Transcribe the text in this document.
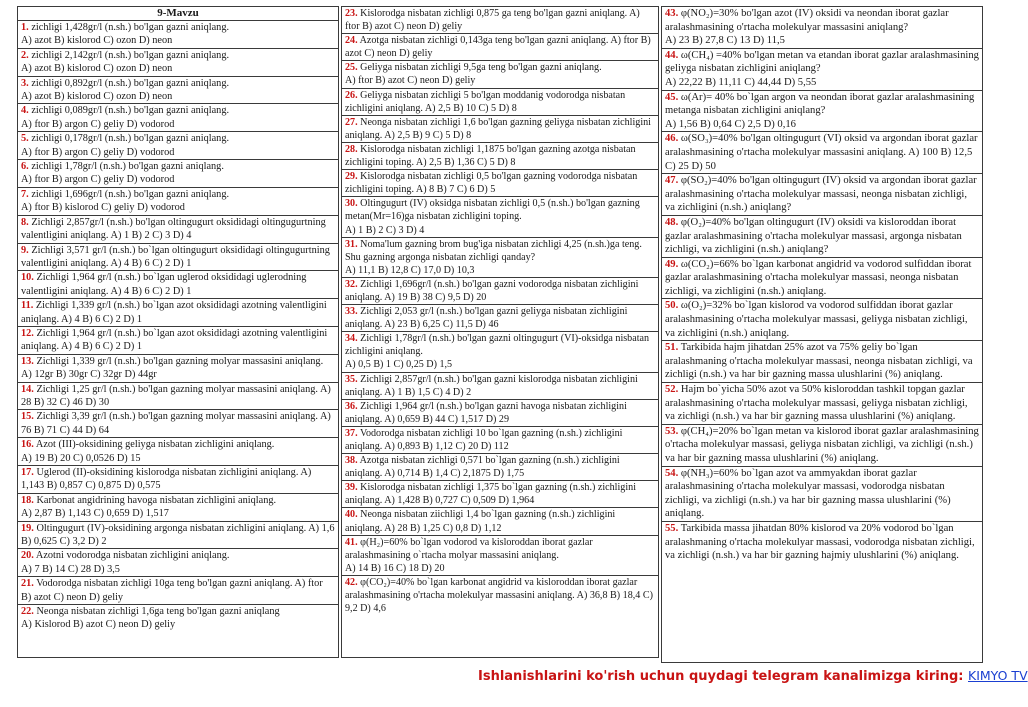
9-Mavzu
1. zichligi 1,428gr/l (n.sh.) bo'lgan gazni aniqlang.
A) azot B) kislorod C) ozon D) neon
2. zichligi 2,142gr/l (n.sh.) bo'lgan gazni aniqlang.
A) azot B) kislorod C) ozon D) neon
3. zichligi 0,892gr/l (n.sh.) bo'lgan gazni aniqlang.
A) azot B) kislorod C) ozon D) neon
4. zichligi 0,089gr/l (n.sh.) bo'lgan gazni aniqlang.
A) ftor B) argon C) geliy D) vodorod
5. zichligi 0,178gr/l (n.sh.) bo'lgan gazni aniqlang.
A) ftor B) argon C) geliy D) vodorod
6. zichligi 1,78gr/l (n.sh.) bo'lgan gazni aniqlang.
A) ftor B) argon C) geliy D) vodorod
7. zichligi 1,696gr/l (n.sh.) bo'lgan gazni aniqlang.
A) ftor B) kislorod C) geliy D) vodorod
8. Zichligi 2,857gr/l (n.sh.) bo'lgan oltingugurt oksididagi oltingugurtning valentligini aniqlang. A) 1 B) 2 C) 3 D) 4
9. Zichligi 3,571 gr/l (n.sh.) bo`lgan oltingugurt oksididagi oltingugurtning valentligini aniqlang. A) 4 B) 6 C) 2 D) 1
10. Zichligi 1,964 gr/l (n.sh.) bo`lgan uglerod oksididagi uglerodning valentligini aniqlang. A) 4 B) 6 C) 2 D) 1
11. Zichligi 1,339 gr/l (n.sh.) bo`lgan azot oksididagi azotning valentligini aniqlang. A) 4 B) 6 C) 2 D) 1
12. Zichligi 1,964 gr/l (n.sh.) bo`lgan azot oksididagi azotning valentligini aniqlang. A) 4 B) 6 C) 2 D) 1
13. Zichligi 1,339 gr/l (n.sh.) bo'lgan gazning molyar massasini aniqlang. A) 12gr B) 30gr C) 32gr D) 44gr
14. Zichligi 1,25 gr/l (n.sh.) bo'lgan gazning molyar massasini aniqlang. A) 28 B) 32 C) 46 D) 30
15. Zichligi 3,39 gr/l (n.sh.) bo'lgan gazning molyar massasini aniqlang. A) 76 B) 71 C) 44 D) 64
16. Azot (III)-oksidining geliyga nisbatan zichligini aniqlang.
A) 19 B) 20 C) 0,0526 D) 15
17. Uglerod (II)-oksidining kislorodga nisbatan zichligini aniqlang. A) 1,143 B) 0,857 C) 0,875 D) 0,575
18. Karbonat angidrining havoga nisbatan zichligini aniqlang.
A) 2,87 B) 1,143 C) 0,659 D) 1,517
19. Oltingugurt (IV)-oksidining argonga nisbatan zichligini aniqlang. A) 1,6 B) 0,625 C) 3,2 D) 2
20. Azotni vodorodga nisbatan zichligini aniqlang.
A) 7 B) 14 C) 28 D) 3,5
21. Vodorodga nisbatan zichligi 10ga teng bo'lgan gazni aniqlang. A) ftor B) azot C) neon D) geliy
22. Neonga nisbatan zichligi 1,6ga teng bo'lgan gazni aniqlang
A) Kislorod B) azot C) neon D) geliy
23. Kislorodga nisbatan zichligi 0,875 ga teng bo'lgan gazni aniqlang. A) ftor B) azot C) neon D) geliy
24. Azotga nisbatan zichligi 0,143ga teng bo'lgan gazni aniqlang. A) ftor B) azot C) neon D) geliy
25. Geliyga nisbatan zichligi 9,5ga teng bo'lgan gazni aniqlang.
A) ftor B) azot C) neon D) geliy
26. Geliyga nisbatan zichligi 5 bo'lgan moddanig vodorodga nisbatan zichligini aniqlang. A) 2,5 B) 10 C) 5 D) 8
27. Neonga nisbatan zichligi 1,6 bo'lgan gazning geliyga nisbatan zichligini aniqlang. A) 2,5 B) 9 C) 5 D) 8
28. Kislorodga nisbatan zichligi 1,1875 bo'lgan gazning azotga nisbatan zichligini toping. A) 2,5 B) 1,36 C) 5 D) 8
29. Kislorodga nisbatan zichligi 0,5 bo'lgan gazning vodorodga nisbatan zichligini toping. A) 8 B) 7 C) 6 D) 5
30. Oltingugurt (IV) oksidga nisbatan zichligi 0,5 (n.sh.) bo'lgan gazning metan(Mr=16)ga nisbatan zichligini toping.
A) 1 B) 2 C) 3 D) 4
31. Noma'lum gazning brom bug'iga nisbatan zichligi 4,25 (n.sh.)ga teng. Shu gazning argonga nisbatan zichligi qanday?
A) 11,1 B) 12,8 C) 17,0 D) 10,3
32. Zichligi 1,696gr/l (n.sh.) bo'lgan gazni vodorodga nisbatan zichligini aniqlang. A) 19 B) 38 C) 9,5 D) 20
33. Zichligi 2,053 gr/l (n.sh.) bo'lgan gazni geliyga nisbatan zichligini aniqlang. A) 23 B) 6,25 C) 11,5 D) 46
34. Zichligi 1,78gr/l (n.sh.) bo'lgan gazni oltingugurt (VI)-oksidga nisbatan zichligini aniqlang.
A) 0,5 B) 1 C) 0,25 D) 1,5
35. Zichligi 2,857gr/l (n.sh.) bo'lgan gazni kislorodga nisbatan zichligini aniqlang. A) 1 B) 1,5 C) 4 D) 2
36. Zichligi 1,964 gr/l (n.sh.) bo'lgan gazni havoga nisbatan zichligini aniqlang. A) 0,659 B) 44 C) 1,517 D) 29
37. Vodorodga nisbatan zichligi 10 bo`lgan gazning (n.sh.) zichligini aniqlang. A) 0,893 B) 1,12 C) 20 D) 112
38. Azotga nisbatan zichligi 0,571 bo`lgan gazning (n.sh.) zichligini aniqlang. A) 0,714 B) 1,4 C) 2,1875 D) 1,75
39. Kislorodga nisbatan zichligi 1,375 bo`lgan gazning (n.sh.) zichligini aniqlang. A) 1,428 B) 0,727 C) 0,509 D) 1,964
40. Neonga nisbatan ziichligi 1,4 bo`lgan gazning (n.sh.) zichligini aniqlang. A) 28 B) 1,25 C) 0,8 D) 1,12
41. φ(H₂)=60% bo`lgan vodorod va kisloroddan iborat gazlar aralashmasining o`rtacha molyar massasini aniqlang.
A) 14 B) 16 C) 18 D) 20
42. φ(CO₂)=40% bo`lgan karbonat angidrid va kisloroddan iborat gazlar aralashmasining o'rtacha molekulyar massasini aniqlang. A) 36,8 B) 18,4 C) 9,2 D) 4,6
43. φ(NO₂)=30% bo'lgan azot (IV) oksidi va neondan iborat gazlar aralashmasining o'rtacha molekulyar massasini aniqlang?
A) 23 B) 27,8 C) 13 D) 11,5
44. ω(CH₄) =40% bo'lgan metan va etandan iborat gazlar aralashmasining geliyga nisbatan zichligini aniqlang?
A) 22,22 B) 11,11 C) 44,44 D) 5,55
45. ω(Ar)= 40% bo`lgan argon va neondan iborat gazlar aralashmasining metanga nisbatan zichligini aniqlang?
A) 1,56 B) 0,64 C) 2,5 D) 0,16
46. ω(SO₃)=40% bo'lgan oltingugurt (VI) oksid va argondan iborat gazlar aralashmasining o'rtacha molekulyar massasini aniqlang. A) 100 B) 12,5 C) 25 D) 50
47. φ(SO₂)=40% bo'lgan oltingugurt (IV) oksid va argondan iborat gazlar aralashmasining o'rtacha molekulyar massasi, neonga nisbatan zichligi, va zichligini (n.sh.) aniqlang?
48. φ(O₂)=40% bo'lgan oltingugurt (IV) oksidi va kisloroddan iborat gazlar aralashmasining o'rtacha molekulyar massasi, argonga nisbatan zichligi, va zichligini (n.sh.) aniqlang?
49. ω(CO₂)=66% bo`lgan karbonat angidrid va vodorod sulfiddan iborat gazlar aralashmasining o'rtacha molekulyar massasi, neonga nisbatan zichligi, va zichligini (n.sh.) aniqlang.
50. ω(O₂)=32% bo`lgan kislorod va vodorod sulfiddan iborat gazlar aralashmasining o'rtacha molekulyar massasi, geliyga nisbatan zichligi, va zichligini (n.sh.) aniqlang.
51. Tarkibida hajm jihatdan 25% azot va 75% geliy bo`lgan aralashmaning o'rtacha molekulyar massasi, neonga nisbatan zichligi, va zichligi (n.sh.) va har bir gazning massa ulushlarini (%) aniqlang.
52. Hajm bo`yicha 50% azot va 50% kisloroddan tashkil topgan gazlar aralashmasining o'rtacha molekulyar massasi, geliyga nisbatan zichligi, va zichligi (n.sh.) va har bir gazning massa ulushlarini (%) aniqlang.
53. φ(CH₄)=20% bo`lgan metan va kislorod iborat gazlar aralashmasining o'rtacha molekulyar massasi, geliyga nisbatan zichligi, va zichligi (n.sh.) va har bir gazning massa ulushlarini (%) aniqlang.
54. φ(NH₃)=60% bo`lgan azot va ammyakdan iborat gazlar aralashmasining o'rtacha molekulyar massasi, vodorodga nisbatan zichligi, va zichligi (n.sh.) va har bir gazning massa ulushlarini (%) aniqlang.
55. Tarkibida massa jihatdan 80% kislorod va 20% vodorod bo`lgan aralashmaning o'rtacha molekulyar massasi, vodorodga nisbatan zichligi, va zichligi (n.sh.) va har bir gazning hajmiy ulushlarini (%) aniqlang.
Ishlanishlarini ko'rish uchun quydagi telegram kanalimizga kiring: KIMYO TV
